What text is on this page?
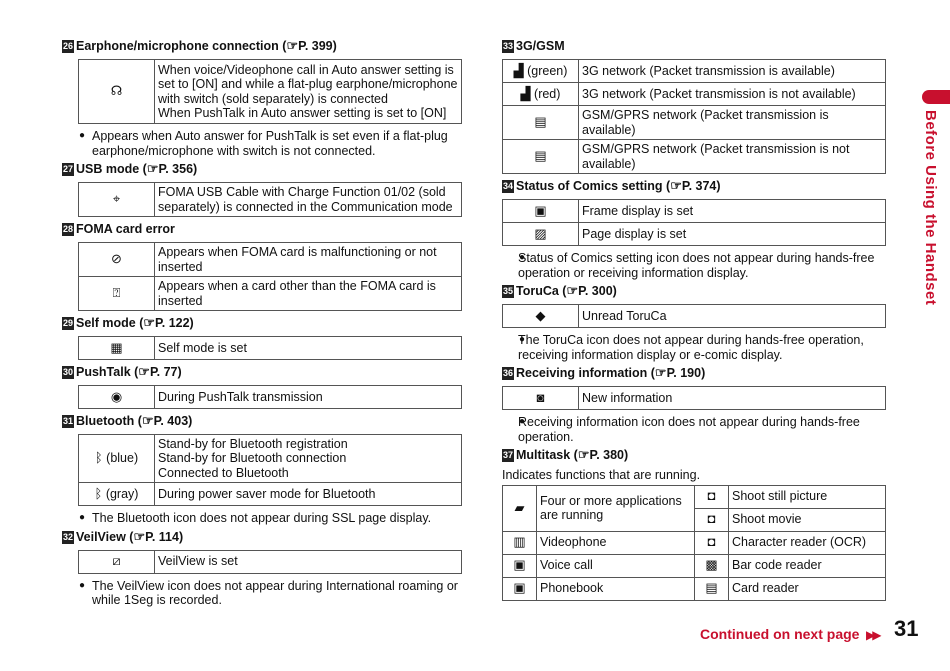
Before Using the Handset
26 Earphone/microphone connection ( ☞ P. 399)
☊	When voice/Videophone call in Auto answer setting is set to [ON] and while a flat-plug earphone/microphone with switch (sold separately) is connected
When PushTalk in Auto answer setting is set to [ON]
● Appears when Auto answer for PushTalk is set even if a flat-plug earphone/microphone with switch is not connected.
27 USB mode ( ☞ P. 356)
⌖	FOMA USB Cable with Charge Function 01/02 (sold separately) is connected in the Communication mode
28 FOMA card error
⊘	Appears when FOMA card is malfunctioning or not inserted
⍰	Appears when a card other than the FOMA card is inserted
29 Self mode ( ☞ P. 122)
▦	Self mode is set
30 PushTalk ( ☞ P. 77)
◉	During PushTalk transmission
31 Bluetooth ( ☞ P. 403)
ᛒ (blue)	Stand-by for Bluetooth registration
Stand-by for Bluetooth connection
Connected to Bluetooth
ᛒ (gray)	During power saver mode for Bluetooth
● The Bluetooth icon does not appear during SSL page display.
32 VeilView ( ☞ P. 114)
⧄	VeilView is set
● The VeilView icon does not appear during International roaming or while 1Seg is recorded.
33 3G/GSM
▟ (green)	3G network (Packet transmission is available)
▟ (red)	3G network (Packet transmission is not available)
▤	GSM/GPRS network (Packet transmission is available)
▤	GSM/GPRS network (Packet transmission is not available)
34 Status of Comics setting ( ☞ P. 374)
▣	Frame display is set
▨	Page display is set
● Status of Comics setting icon does not appear during hands-free operation or receiving information display.
35 ToruCa ( ☞ P. 300)
◆	Unread ToruCa
● The ToruCa icon does not appear during hands-free operation, receiving information display or e-comic display.
36 Receiving information ( ☞ P. 190)
◙	New information
● Receiving information icon does not appear during hands-free operation.
37 Multitask ( ☞ P. 380)
Indicates functions that are running.
▰	Four or more applications are running	◘	Shoot still picture
		◘	Shoot movie
▥	Videophone	◘	Character reader (OCR)
▣	Voice call	▩	Bar code reader
▣	Phonebook	▤	Card reader
Continued on next page ▶▶ 31
